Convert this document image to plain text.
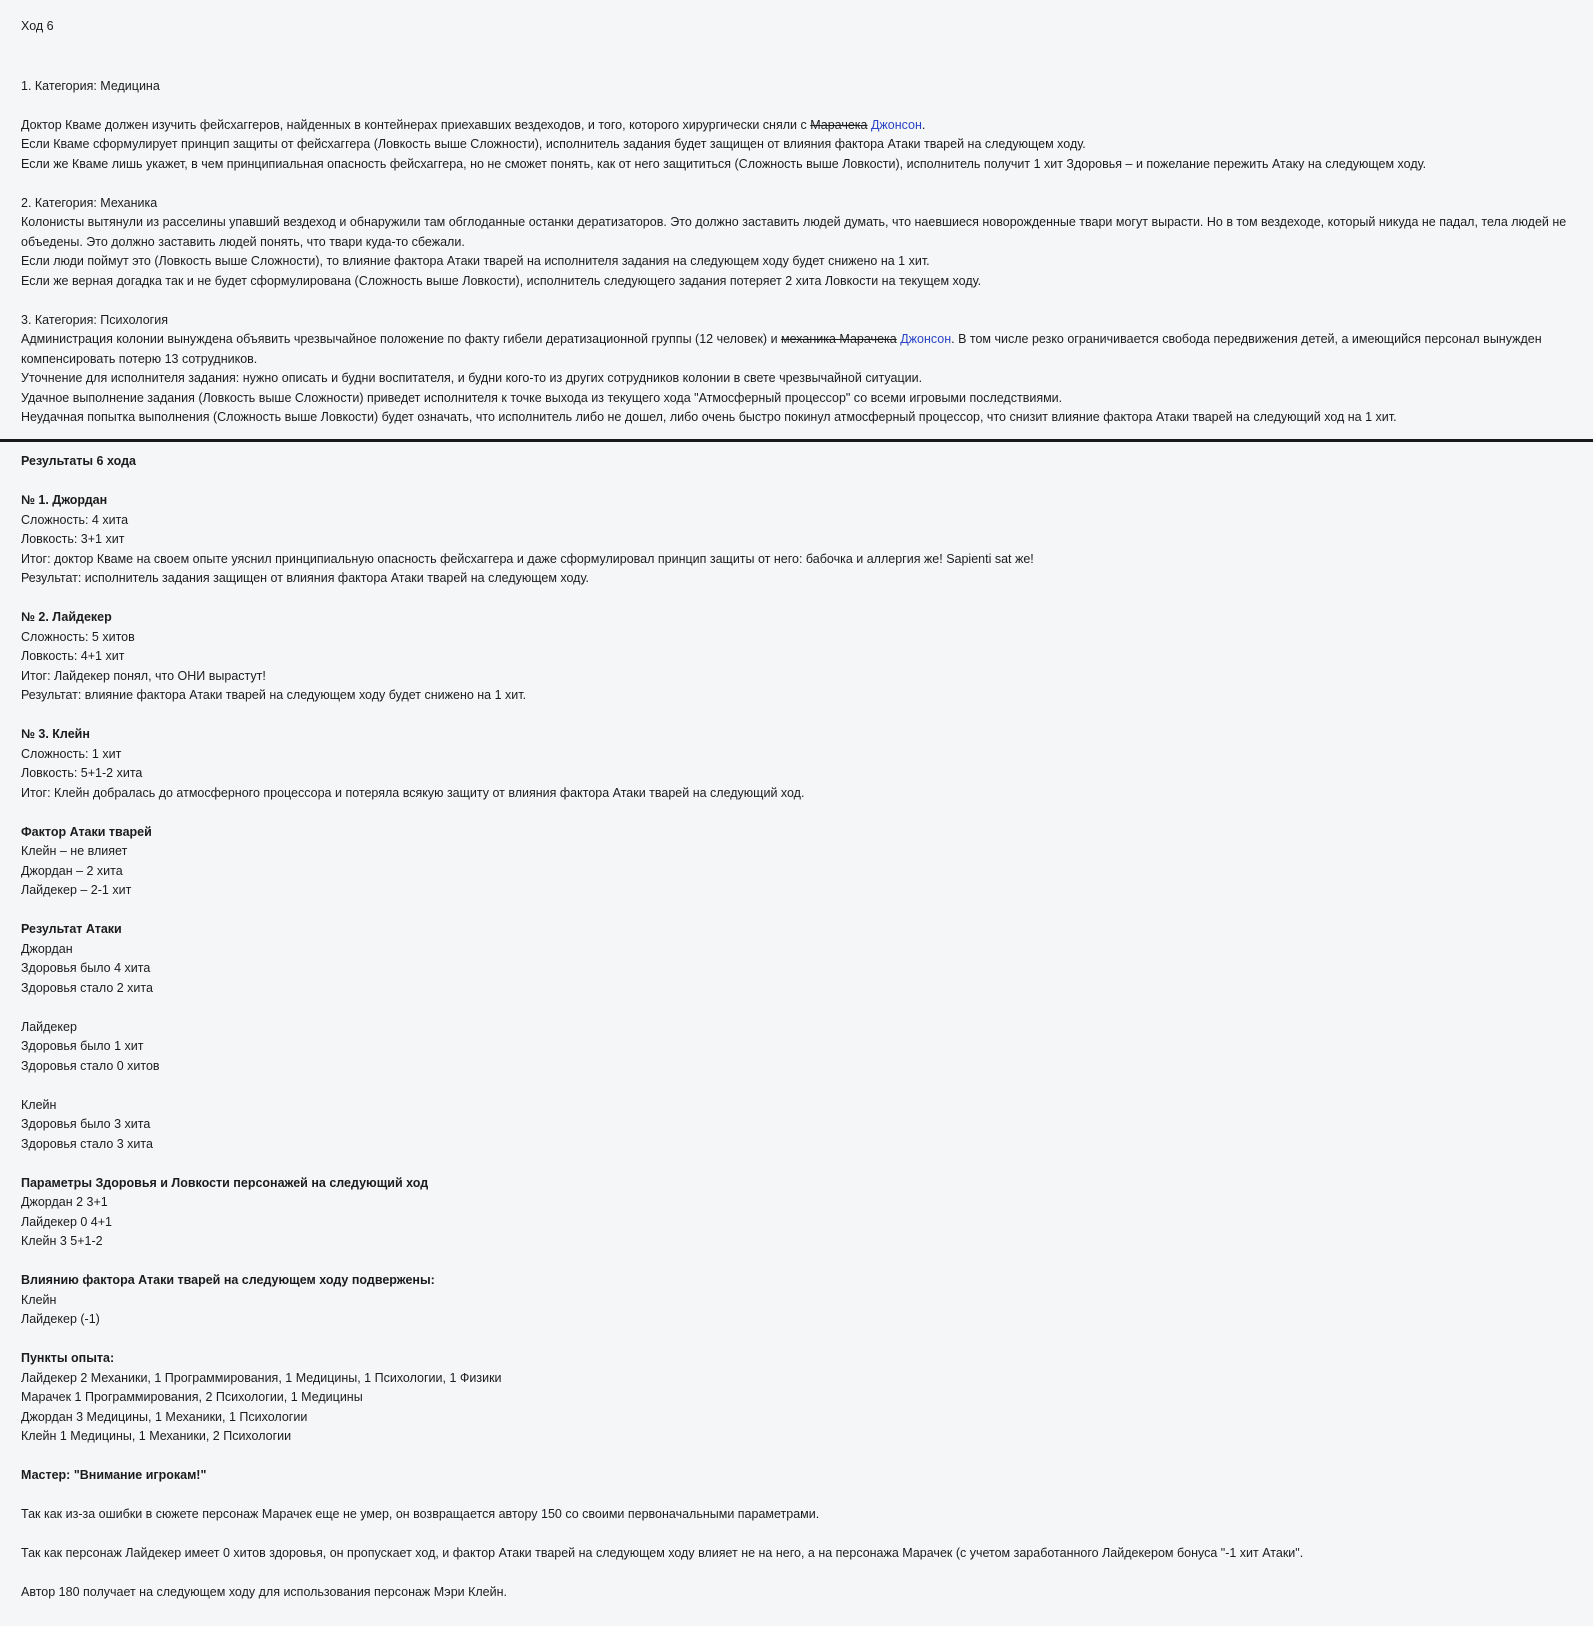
Ход 6
1. Категория: Медицина
Доктор Кваме должен изучить фейсхаггеров, найденных в контейнерах приехавших вездеходов, и того, которого хирургически сняли с Марачека Джонсон.
Если Кваме сформулирует принцип защиты от фейсхаггера (Ловкость выше Сложности), исполнитель задания будет защищен от влияния фактора Атаки тварей на следующем ходу.
Если же Кваме лишь укажет, в чем принципиальная опасность фейсхаггера, но не сможет понять, как от него защититься (Сложность выше Ловкости), исполнитель получит 1 хит Здоровья – и пожелание пережить Атаку на следующем ходу.
2. Категория: Механика
Колонисты вытянули из расселины упавший вездеход и обнаружили там обглоданные останки дератизаторов. Это должно заставить людей думать, что наевшиеся новорожденные твари могут вырасти. Но в том вездеходе, который никуда не падал, тела людей не объедены. Это должно заставить людей понять, что твари куда-то сбежали.
Если люди поймут это (Ловкость выше Сложности), то влияние фактора Атаки тварей на исполнителя задания на следующем ходу будет снижено на 1 хит.
Если же верная догадка так и не будет сформулирована (Сложность выше Ловкости), исполнитель следующего задания потеряет 2 хита Ловкости на текущем ходу.
3. Категория: Психология
Администрация колонии вынуждена объявить чрезвычайное положение по факту гибели дератизационной группы (12 человек) и механика Марачека Джонсон. В том числе резко ограничивается свобода передвижения детей, а имеющийся персонал вынужден компенсировать потерю 13 сотрудников.
Уточнение для исполнителя задания: нужно описать и будни воспитателя, и будни кого-то из других сотрудников колонии в свете чрезвычайной ситуации.
Удачное выполнение задания (Ловкость выше Сложности) приведет исполнителя к точке выхода из текущего хода "Атмосферный процессор" со всеми игровыми последствиями.
Неудачная попытка выполнения (Сложность выше Ловкости) будет означать, что исполнитель либо не дошел, либо очень быстро покинул атмосферный процессор, что снизит влияние фактора Атаки тварей на следующий ход на 1 хит.
Результаты 6 хода
№ 1. Джордан
Сложность: 4 хита
Ловкость: 3+1 хит
Итог: доктор Кваме на своем опыте уяснил принципиальную опасность фейсхаггера и даже сформулировал принцип защиты от него: бабочка и аллергия же! Sapienti sat же!
Результат: исполнитель задания защищен от влияния фактора Атаки тварей на следующем ходу.
№ 2. Лайдекер
Сложность: 5 хитов
Ловкость: 4+1 хит
Итог: Лайдекер понял, что ОНИ вырастут!
Результат: влияние фактора Атаки тварей на следующем ходу будет снижено на 1 хит.
№ 3. Клейн
Сложность: 1 хит
Ловкость: 5+1-2 хита
Итог: Клейн добралась до атмосферного процессора и потеряла всякую защиту от влияния фактора Атаки тварей на следующий ход.
Фактор Атаки тварей
Клейн – не влияет
Джордан – 2 хита
Лайдекер – 2-1 хит
Результат Атаки
Джордан
Здоровья было 4 хита
Здоровья стало 2 хита
Лайдекер
Здоровья было 1 хит
Здоровья стало 0 хитов
Клейн
Здоровья было 3 хита
Здоровья стало 3 хита
Параметры Здоровья и Ловкости персонажей на следующий ход
Джордан 2 3+1
Лайдекер 0 4+1
Клейн 3 5+1-2
Влиянию фактора Атаки тварей на следующем ходу подвержены:
Клейн
Лайдекер (-1)
Пункты опыта:
Лайдекер 2 Механики, 1 Программирования, 1 Медицины, 1 Психологии, 1 Физики
Марачек 1 Программирования, 2 Психологии, 1 Медицины
Джордан 3 Медицины, 1 Механики, 1 Психологии
Клейн 1 Медицины, 1 Механики, 2 Психологии
Мастер: "Внимание игрокам!"
Так как из-за ошибки в сюжете персонаж Марачек еще не умер, он возвращается автору 150 со своими первоначальными параметрами.
Так как персонаж Лайдекер имеет 0 хитов здоровья, он пропускает ход, и фактор Атаки тварей на следующем ходу влияет не на него, а на персонажа Марачек (с учетом заработанного Лайдекером бонуса "-1 хит Атаки".
Автор 180 получает на следующем ходу для использования персонаж Мэри Клейн.
